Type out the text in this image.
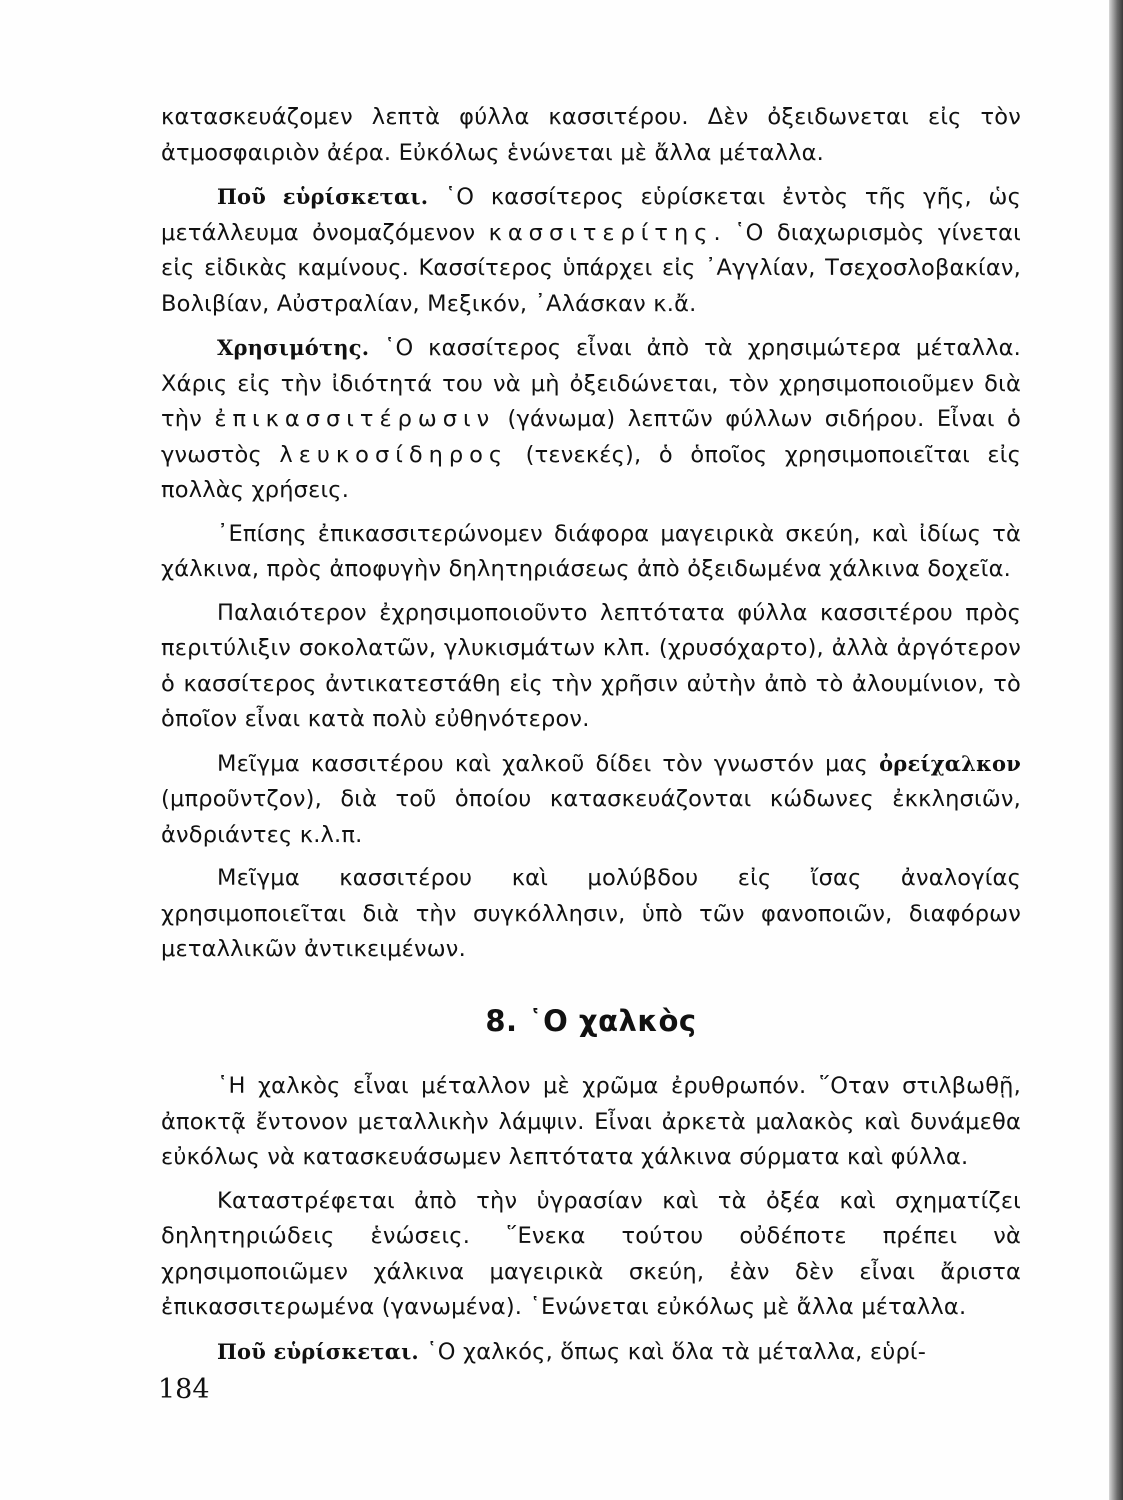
κατασκευάζομεν λεπτὰ φύλλα κασσιτέρου. Δὲν ὀξειδωνεται εἰς τὸν ἀτμοσφαιριὸν ἀέρα. Εὐκόλως ἑνώνεται μὲ ἄλλα μέταλλα.

Ποῦ εὑρίσκεται. ῾Ο κασσίτερος εὑρίσκεται ἐντὸς τῆς γῆς, ὡς μετάλλευμα ὀνομαζόμενον κασσιτερίτης. ῾Ο διαχωρισμὸς γίνεται εἰς εἰδικὰς καμίνους. Κασσίτερος ὑπάρχει εἰς ᾿Αγγλίαν, Τσεχοσλοβακίαν, Βολιβίαν, Αὐστραλίαν, Μεξικόν, ᾿Αλάσκαν κ.ἄ.

Χρησιμότης. ῾Ο κασσίτερος εἶναι ἀπὸ τὰ χρησιμώτερα μέταλλα. Χάρις εἰς τὴν ἰδιότητά του νὰ μὴ ὀξειδώνεται, τὸν χρησιμοποιοῦμεν διὰ τὴν ἐπικασσιτέρωσιν (γάνωμα) λεπτῶν φύλλων σιδήρου. Εἶναι ὁ γνωστὸς λευκοσίδηρος (τενεκές), ὁ ὁποῖος χρησιμοποιεῖται εἰς πολλὰς χρήσεις.

᾿Επίσης ἐπικασσιτερώνομεν διάφορα μαγειρικὰ σκεύη, καὶ ἰδίως τὰ χάλκινα, πρὸς ἀποφυγὴν δηλητηριάσεως ἀπὸ ὀξειδωμένα χάλκινα δοχεῖα.

Παλαιότερον ἐχρησιμοποιοῦντο λεπτότατα φύλλα κασσιτέρου πρὸς περιτύλιξιν σοκολατῶν, γλυκισμάτων κλπ. (χρυσόχαρτο), ἀλλὰ ἀργότερον ὁ κασσίτερος ἀντικατεστάθη εἰς τὴν χρῆσιν αὐτὴν ἀπὸ τὸ ἀλουμίνιον, τὸ ὁποῖον εἶναι κατὰ πολὺ εὐθηνότερον.

Μεῖγμα κασσιτέρου καὶ χαλκοῦ δίδει τὸν γνωστόν μας ὀρείχαλκον (μπροῦντζον), διὰ τοῦ ὁποίου κατασκευάζονται κώδωνες ἐκκλησιῶν, ἀνδριάντες κ.λ.π.

Μεῖγμα κασσιτέρου καὶ μολύβδου εἰς ἴσας ἀναλογίας χρησιμοποιεῖται διὰ τὴν συγκόλλησιν, ὑπὸ τῶν φανοποιῶν, διαφόρων μεταλλικῶν ἀντικειμένων.

8. ῾Ο χαλκὸς

῾Η χαλκὸς εἶναι μέταλλον μὲ χρῶμα ἐρυθρωπόν. ῞Οταν στιλβωθῇ, ἀποκτᾷ ἔντονον μεταλλικὴν λάμψιν. Εἶναι ἀρκετὰ μαλακὸς καὶ δυνάμεθα εὐκόλως νὰ κατασκευάσωμεν λεπτότατα χάλκινα σύρματα καὶ φύλλα.

Καταστρέφεται ἀπὸ τὴν ὑγρασίαν καὶ τὰ ὀξέα καὶ σχηματίζει δηλητηριώδεις ἑνώσεις. ῞Ενεκα τούτου οὐδέποτε πρέπει νὰ χρησιμοποιῶμεν χάλκινα μαγειρικὰ σκεύη, ἐὰν δὲν εἶναι ἄριστα ἐπικασσιτερωμένα (γανωμένα). ῾Ενώνεται εὐκόλως μὲ ἄλλα μέταλλα.

Ποῦ εὑρίσκεται. ῾Ο χαλκός, ὅπως καὶ ὅλα τὰ μέταλλα, εὑρί-

184
